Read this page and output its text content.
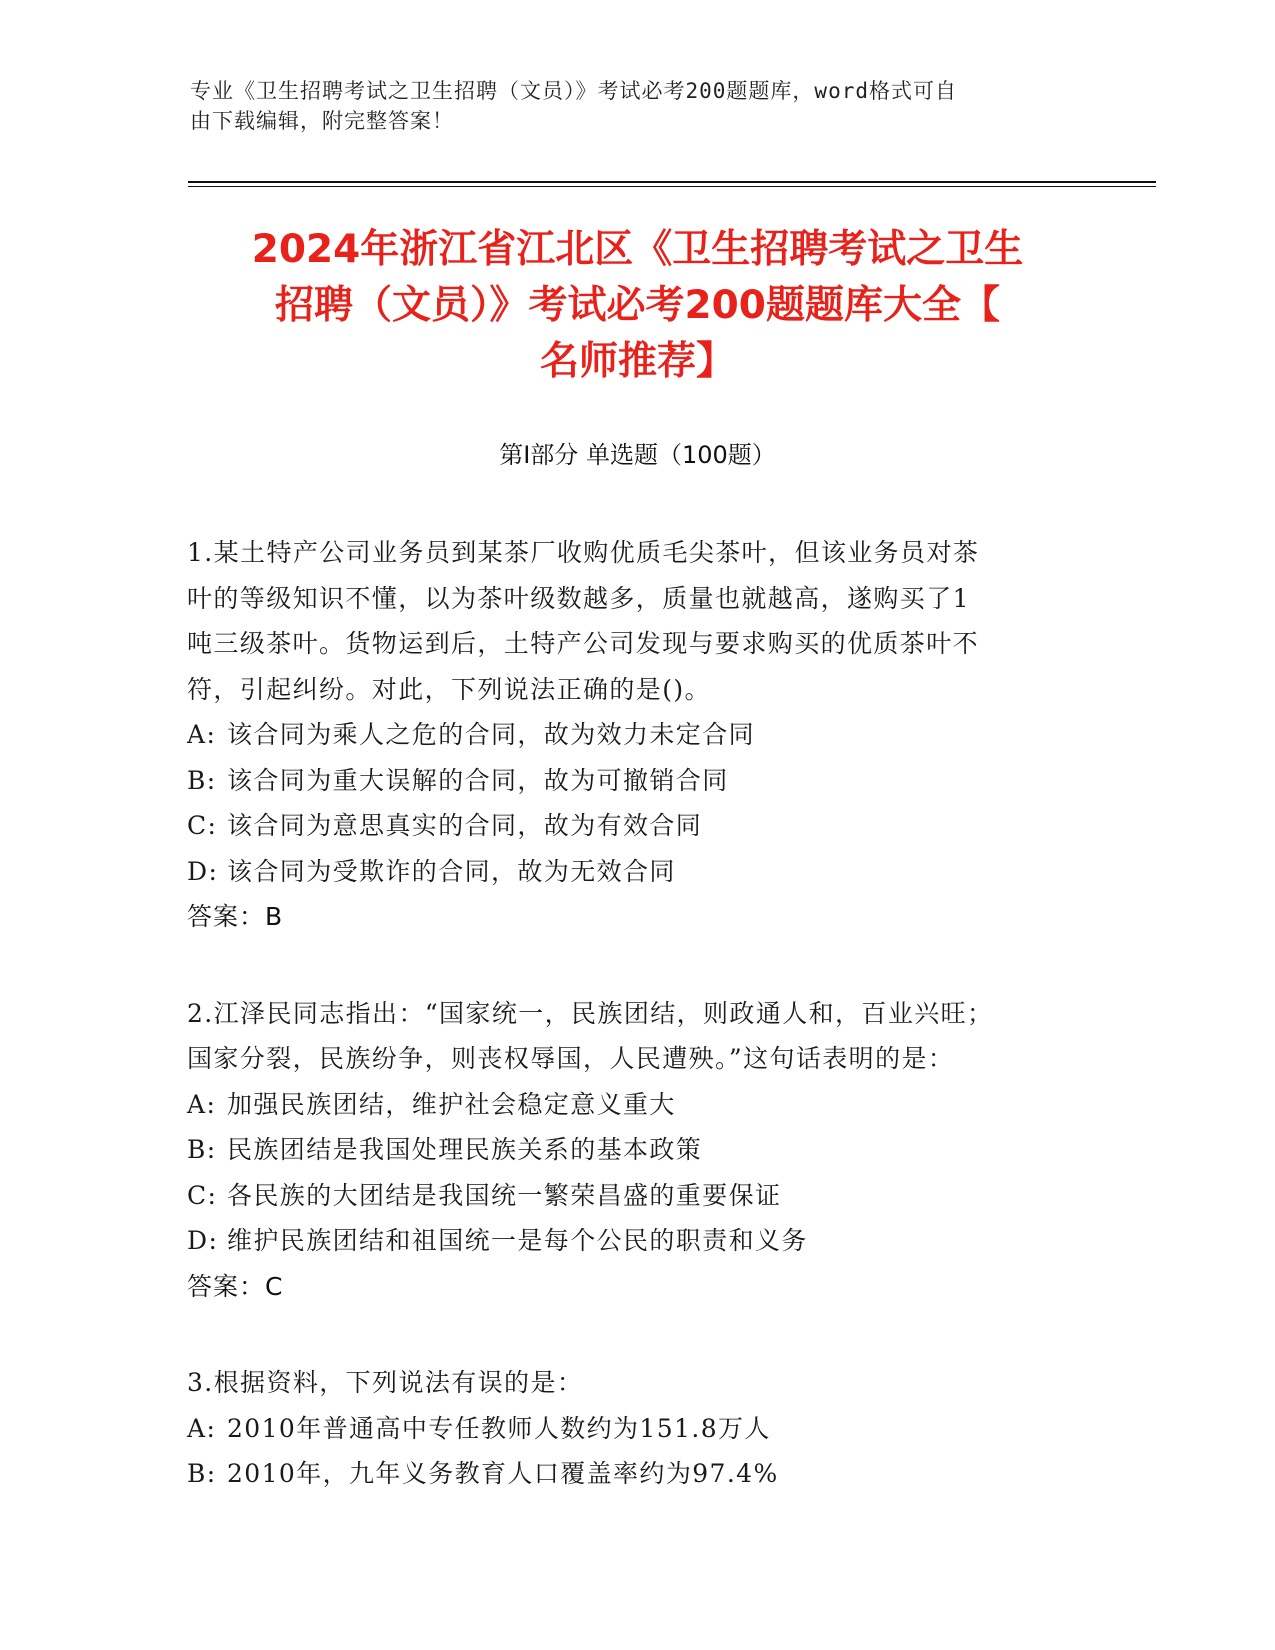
专业《卫生招聘考试之卫生招聘（文员）》考试必考200题题库，word格式可自

由下载编辑，附完整答案！

2024年浙江省江北区《卫生招聘考试之卫生

招聘（文员）》考试必考200题题库大全【

名师推荐】

第I部分 单选题（100题）

1.某土特产公司业务员到某茶厂收购优质毛尖茶叶，但该业务员对茶

叶的等级知识不懂，以为茶叶级数越多，质量也就越高，遂购买了1

吨三级茶叶。货物运到后，土特产公司发现与要求购买的优质茶叶不

符，引起纠纷。对此，下列说法正确的是()。

A: 该合同为乘人之危的合同，故为效力未定合同

B: 该合同为重大误解的合同，故为可撤销合同

C: 该合同为意思真实的合同，故为有效合同

D: 该合同为受欺诈的合同，故为无效合同

答案：B

2.江泽民同志指出：“国家统一，民族团结，则政通人和，百业兴旺；

国家分裂，民族纷争，则丧权辱国，人民遭殃。”这句话表明的是：

A: 加强民族团结，维护社会稳定意义重大

B: 民族团结是我国处理民族关系的基本政策

C: 各民族的大团结是我国统一繁荣昌盛的重要保证

D: 维护民族团结和祖国统一是每个公民的职责和义务

答案：C

3.根据资料，下列说法有误的是：

A: 2010年普通高中专任教师人数约为151.8万人

B: 2010年，九年义务教育人口覆盖率约为97.4%
